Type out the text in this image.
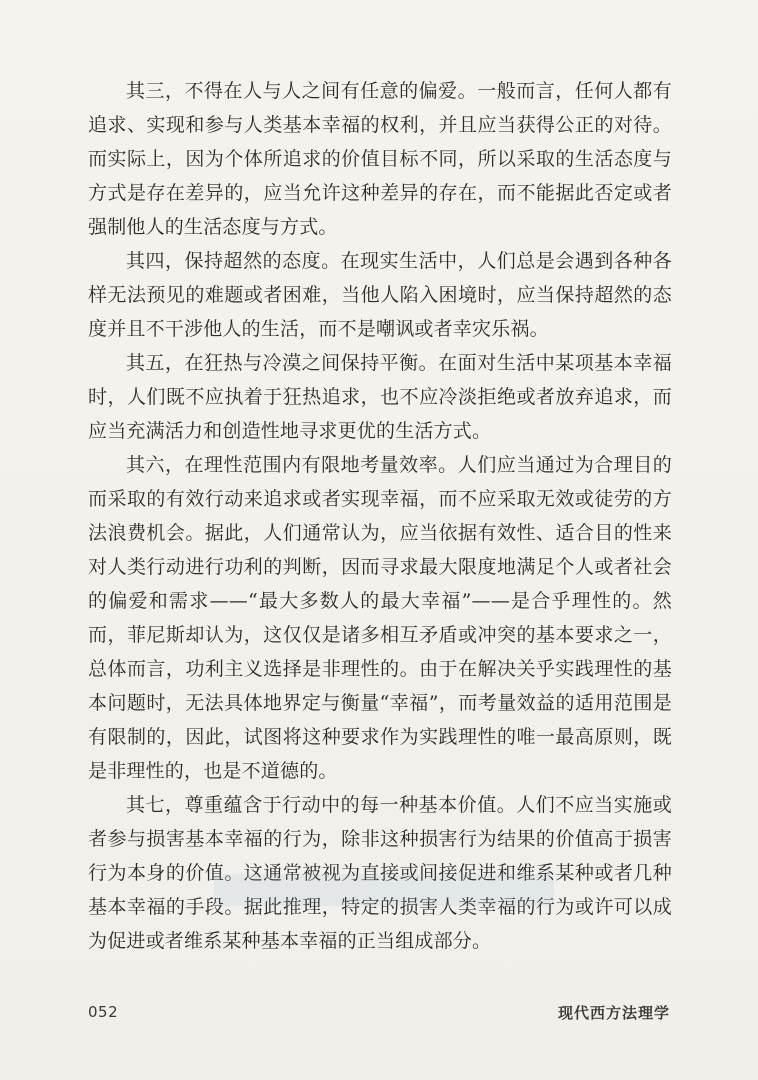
其三，不得在人与人之间有任意的偏爱。一般而言，任何人都有追求、实现和参与人类基本幸福的权利，并且应当获得公正的对待。而实际上，因为个体所追求的价值目标不同，所以采取的生活态度与方式是存在差异的，应当允许这种差异的存在，而不能据此否定或者强制他人的生活态度与方式。

其四，保持超然的态度。在现实生活中，人们总是会遇到各种各样无法预见的难题或者困难，当他人陷入困境时，应当保持超然的态度并且不干涉他人的生活，而不是嘲讽或者幸灾乐祸。

其五，在狂热与冷漠之间保持平衡。在面对生活中某项基本幸福时，人们既不应执着于狂热追求，也不应冷淡拒绝或者放弃追求，而应当充满活力和创造性地寻求更优的生活方式。

其六，在理性范围内有限地考量效率。人们应当通过为合理目的而采取的有效行动来追求或者实现幸福，而不应采取无效或徒劳的方法浪费机会。据此，人们通常认为，应当依据有效性、适合目的性来对人类行动进行功利的判断，因而寻求最大限度地满足个人或者社会的偏爱和需求——“最大多数人的最大幸福”——是合乎理性的。然而，菲尼斯却认为，这仅仅是诸多相互矛盾或冲突的基本要求之一，总体而言，功利主义选择是非理性的。由于在解决关乎实践理性的基本问题时，无法具体地界定与衡量“幸福”，而考量效益的适用范围是有限制的，因此，试图将这种要求作为实践理性的唯一最高原则，既是非理性的，也是不道德的。

其七，尊重蕴含于行动中的每一种基本价值。人们不应当实施或者参与损害基本幸福的行为，除非这种损害行为结果的价值高于损害行为本身的价值。这通常被视为直接或间接促进和维系某种或者几种基本幸福的手段。据此推理，特定的损害人类幸福的行为或许可以成为促进或者维系某种基本幸福的正当组成部分。

052	现代西方法理学
